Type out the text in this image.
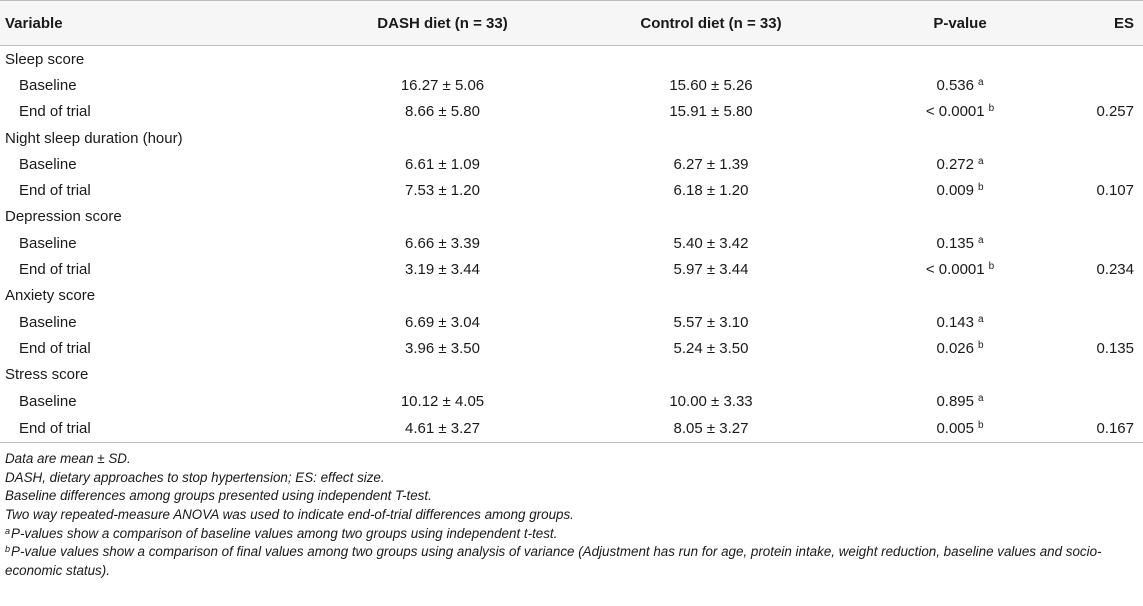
Variable	DASH diet (n = 33)	Control diet (n = 33)	P-value	ES
Sleep score				
Baseline	16.27 ± 5.06	15.60 ± 5.26	0.536 $^a$	
End of trial	8.66 ± 5.80	15.91 ± 5.80	< 0.0001 $^b$	0.257
Night sleep duration (hour)				
Baseline	6.61 ± 1.09	6.27 ± 1.39	0.272 $^a$	
End of trial	7.53 ± 1.20	6.18 ± 1.20	0.009 $^b$	0.107
Depression score				
Baseline	6.66 ± 3.39	5.40 ± 3.42	0.135 $^a$	
End of trial	3.19 ± 3.44	5.97 ± 3.44	< 0.0001 $^b$	0.234
Anxiety score				
Baseline	6.69 ± 3.04	5.57 ± 3.10	0.143 $^a$	
End of trial	3.96 ± 3.50	5.24 ± 3.50	0.026 $^b$	0.135
Stress score				
Baseline	10.12 ± 4.05	10.00 ± 3.33	0.895 $^a$	
End of trial	4.61 ± 3.27	8.05 ± 3.27	0.005 $^b$	0.167

Data are mean ± SD.

DASH, dietary approaches to stop hypertension; ES: effect size.

Baseline differences among groups presented using independent T-test.

Two way repeated-measure ANOVA was used to indicate end-of-trial differences among groups.

$^a$P-values show a comparison of baseline values among two groups using independent t-test.

$^b$P-value values show a comparison of final values among two groups using analysis of variance (Adjustment has run for age, protein intake, weight reduction, baseline values and socio-economic status).
